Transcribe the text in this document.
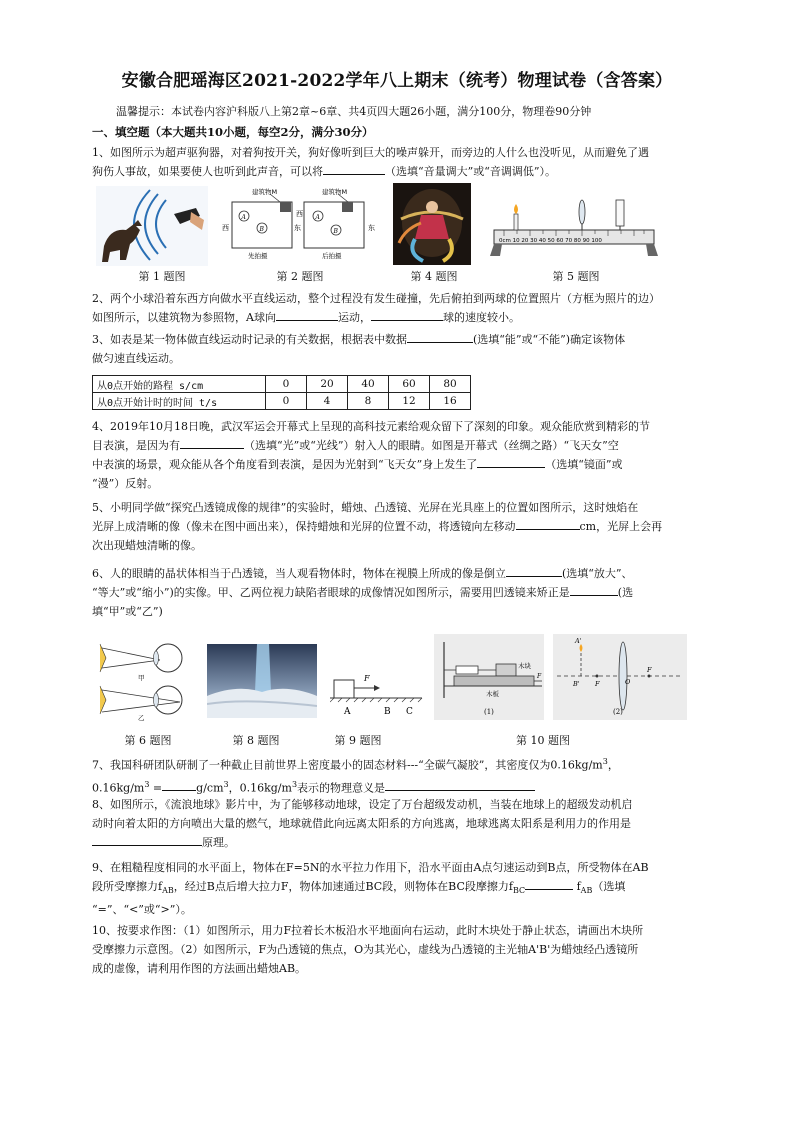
安徽合肥瑶海区2021-2022学年八上期末（统考）物理试卷（含答案）
温馨提示：本试卷内容沪科版八上第2章~6章、共4页四大题26小题，满分100分，物理卷90分钟
一、填空题（本大题共10小题，每空2分，满分30分）
1、如图所示为超声驱狗器，对着狗按开关，狗好像听到巨大的噪声躲开，而旁边的人什么也没听见，从而避免了遇
狗伤人事故，如果要使人也听到此声音，可以将	（选填“音量调大”或“音调调低”）。
建筑物M	建筑物M
西	东
西
东
A
B
A
B
先拍摄	后拍摄
0cm 10 20 30 40 50 60 70 80 90 100
第 1 题图	第 2 题图	第 4 题图	第 5 题图
2、两个小球沿着东西方向做水平直线运动，整个过程没有发生碰撞，先后俯拍到两球的位置照片（方框为照片的边）
如图所示，以建筑物为参照物，A球向	运动，	球的速度较小。
3、如表是某一物体做直线运动时记录的有关数据，根据表中数据	(选填“能”或“不能”)确定该物体
做匀速直线运动。
从0点开始的路程 s/cm	0	20	40	60	80
从0点开始计时的时间 t/s	0	4	8	12	16
4、2019年10月18日晚，武汉军运会开幕式上呈现的高科技元素给观众留下了深刻的印象。观众能欣赏到精彩的节
目表演，是因为有	（选填“光”或“光线”）射入人的眼睛。如图是开幕式（丝绸之路）“飞天女”空
中表演的场景，观众能从各个角度看到表演，是因为光射到“飞天女”身上发生了	（选填“镜面”或
“漫”）反射。
5、小明同学做“探究凸透镜成像的规律”的实验时，蜡烛、凸透镜、光屏在光具座上的位置如图所示，这时烛焰在
光屏上成清晰的像（像未在图中画出来），保持蜡烛和光屏的位置不动，将透镜向左移动	cm，光屏上会再
次出现蜡烛清晰的像。
6、人的眼睛的晶状体相当于凸透镜，当人观看物体时，物体在视膜上所成的像是倒立	(选填“放大”、
“等大”或“缩小”)的实像。甲、乙两位视力缺陷者眼球的成像情况如图所示，需要用凹透镜来矫正是	(选
填“甲”或“乙”)
甲
乙
F
A	B C
木块
F
木板
(1)
A'
B' F	O
F
(2)
第 6 题图	第 8 题图	第 9 题图	第 10 题图
7、我国科研团队研制了一种截止目前世界上密度最小的固态材料---“全碳气凝胶”，其密度仅为$0.16kg/m^3$，
$0.16kg/m^3$ =	$g/cm^3$，$0.16kg/m^3$表示的物理意义是
8、如图所示，《流浪地球》影片中，为了能够移动地球，设定了万台超级发动机，当装在地球上的超级发动机启
动时向着太阳的方向喷出大量的燃气，地球就借此向远离太阳系的方向逃离，地球逃离太阳系是利用力的作用是
原理。
9、在粗糙程度相同的水平面上，物体在F=5N的水平拉力作用下，沿水平面由A点匀速运动到B点，所受物体在AB
段所受摩擦力$f_{AB}$，经过B点后增大拉力F，物体加速通过BC段，则物体在BC段摩擦力$f_{BC}$	$f_{AB}$（选填
“=”、“<”或“>”）。
10、按要求作图：（1）如图所示，用力F拉着长木板沿水平地面向右运动，此时木块处于静止状态，请画出木块所
受摩擦力示意图。（2）如图所示，F为凸透镜的焦点，O为其光心，虚线为凸透镜的主光轴A'B'为蜡烛经凸透镜所
成的虚像，请利用作图的方法画出蜡烛AB。
